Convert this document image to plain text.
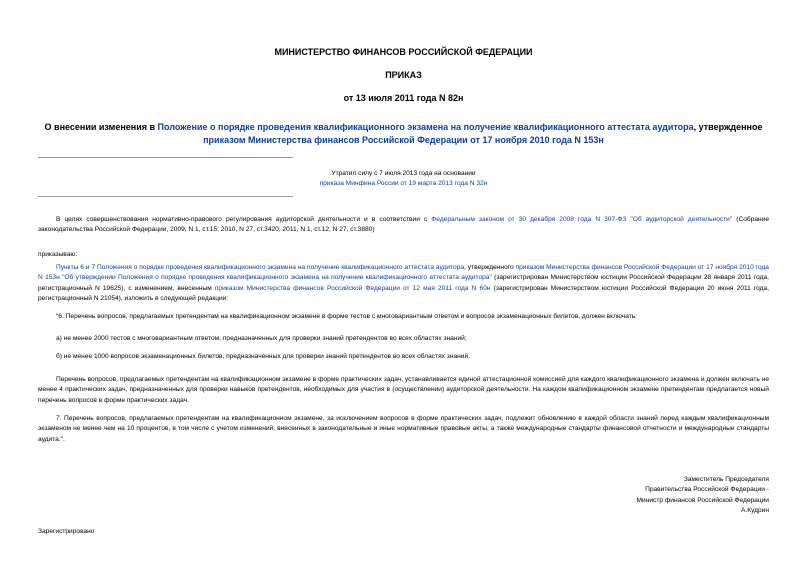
МИНИСТЕРСТВО ФИНАНСОВ РОССИЙСКОЙ ФЕДЕРАЦИИ
ПРИКАЗ
от 13 июля 2011 года N 82н
О внесении изменения в Положение о порядке проведения квалификационного экзамена на получение квалификационного аттестата аудитора, утвержденное приказом Министерства финансов Российской Федерации от 17 ноября 2010 года N 153н
Утратил силу с 7 июля 2013 года на основании
приказа Минфина России от 19 марта 2013 года N 32н

В целях совершенствования нормативно-правового регулирования аудиторской деятельности и в соответствии с Федеральным законом от 30 декабря 2008 года N 307-ФЗ "Об аудиторской деятельности" (Собрание законодательства Российской Федерации, 2009, N 1, ст.15; 2010, N 27, ст.3420; 2011, N 1, ст.12; N 27, ст.3880)

приказываю:

Пункты 6 и 7 Положения о порядке проведения квалификационного экзамена на получение квалификационного аттестата аудитора, утвержденного приказом Министерства финансов Российской Федерации от 17 ноября 2010 года N 153н "Об утверждении Положения о порядке проведения квалификационного экзамена на получение квалификационного аттестата аудитора" (зарегистрирован Министерством юстиции Российской Федерации 28 января 2011 года, регистрационный N 19625), с изменением, внесенным приказом Министерства финансов Российской Федерации от 12 мая 2011 года N 60н (зарегистрирован Министерством юстиции Российской Федерации 20 июня 2011 года, регистрационный N 21054), изложить в следующей редакции:

"6. Перечень вопросов, предлагаемых претендентам на квалификационном экзамене в форме тестов с многовариантным ответом и вопросов экзаменационных билетов, должен включать:

а) не менее 2000 тестов с многовариантным ответом, предназначенных для проверки знаний претендентов во всех областях знаний;

б) не менее 1000 вопросов экзаменационных билетов, предназначенных для проверки знаний претендентов во всех областях знаний.

Перечень вопросов, предлагаемых претендентам на квалификационном экзамене в форме практических задач, устанавливается единой аттестационной комиссией для каждого квалификационного экзамена и должен включать не менее 4 практических задач, предназначенных для проверки навыков претендентов, необходимых для участия в (осуществлении) аудиторской деятельности. На каждом квалификационном экзамене претендентам предлагается новый перечень вопросов в форме практических задач.

7. Перечень вопросов, предлагаемых претендентам на квалификационном экзамене, за исключением вопросов в форме практических задач, подлежит обновлению в каждой области знаний перед каждым квалификационным экзаменом не менее чем на 10 процентов, в том числе с учетом изменений, внесенных в законодательные и иные нормативные правовые акты, а также международные стандарты финансовой отчетности и международные стандарты аудита.".

Заместитель Председателя
Правительства Российской Федерации -
Министр финансов Российской Федерации
А.Кудрин

Зарегистрировано
